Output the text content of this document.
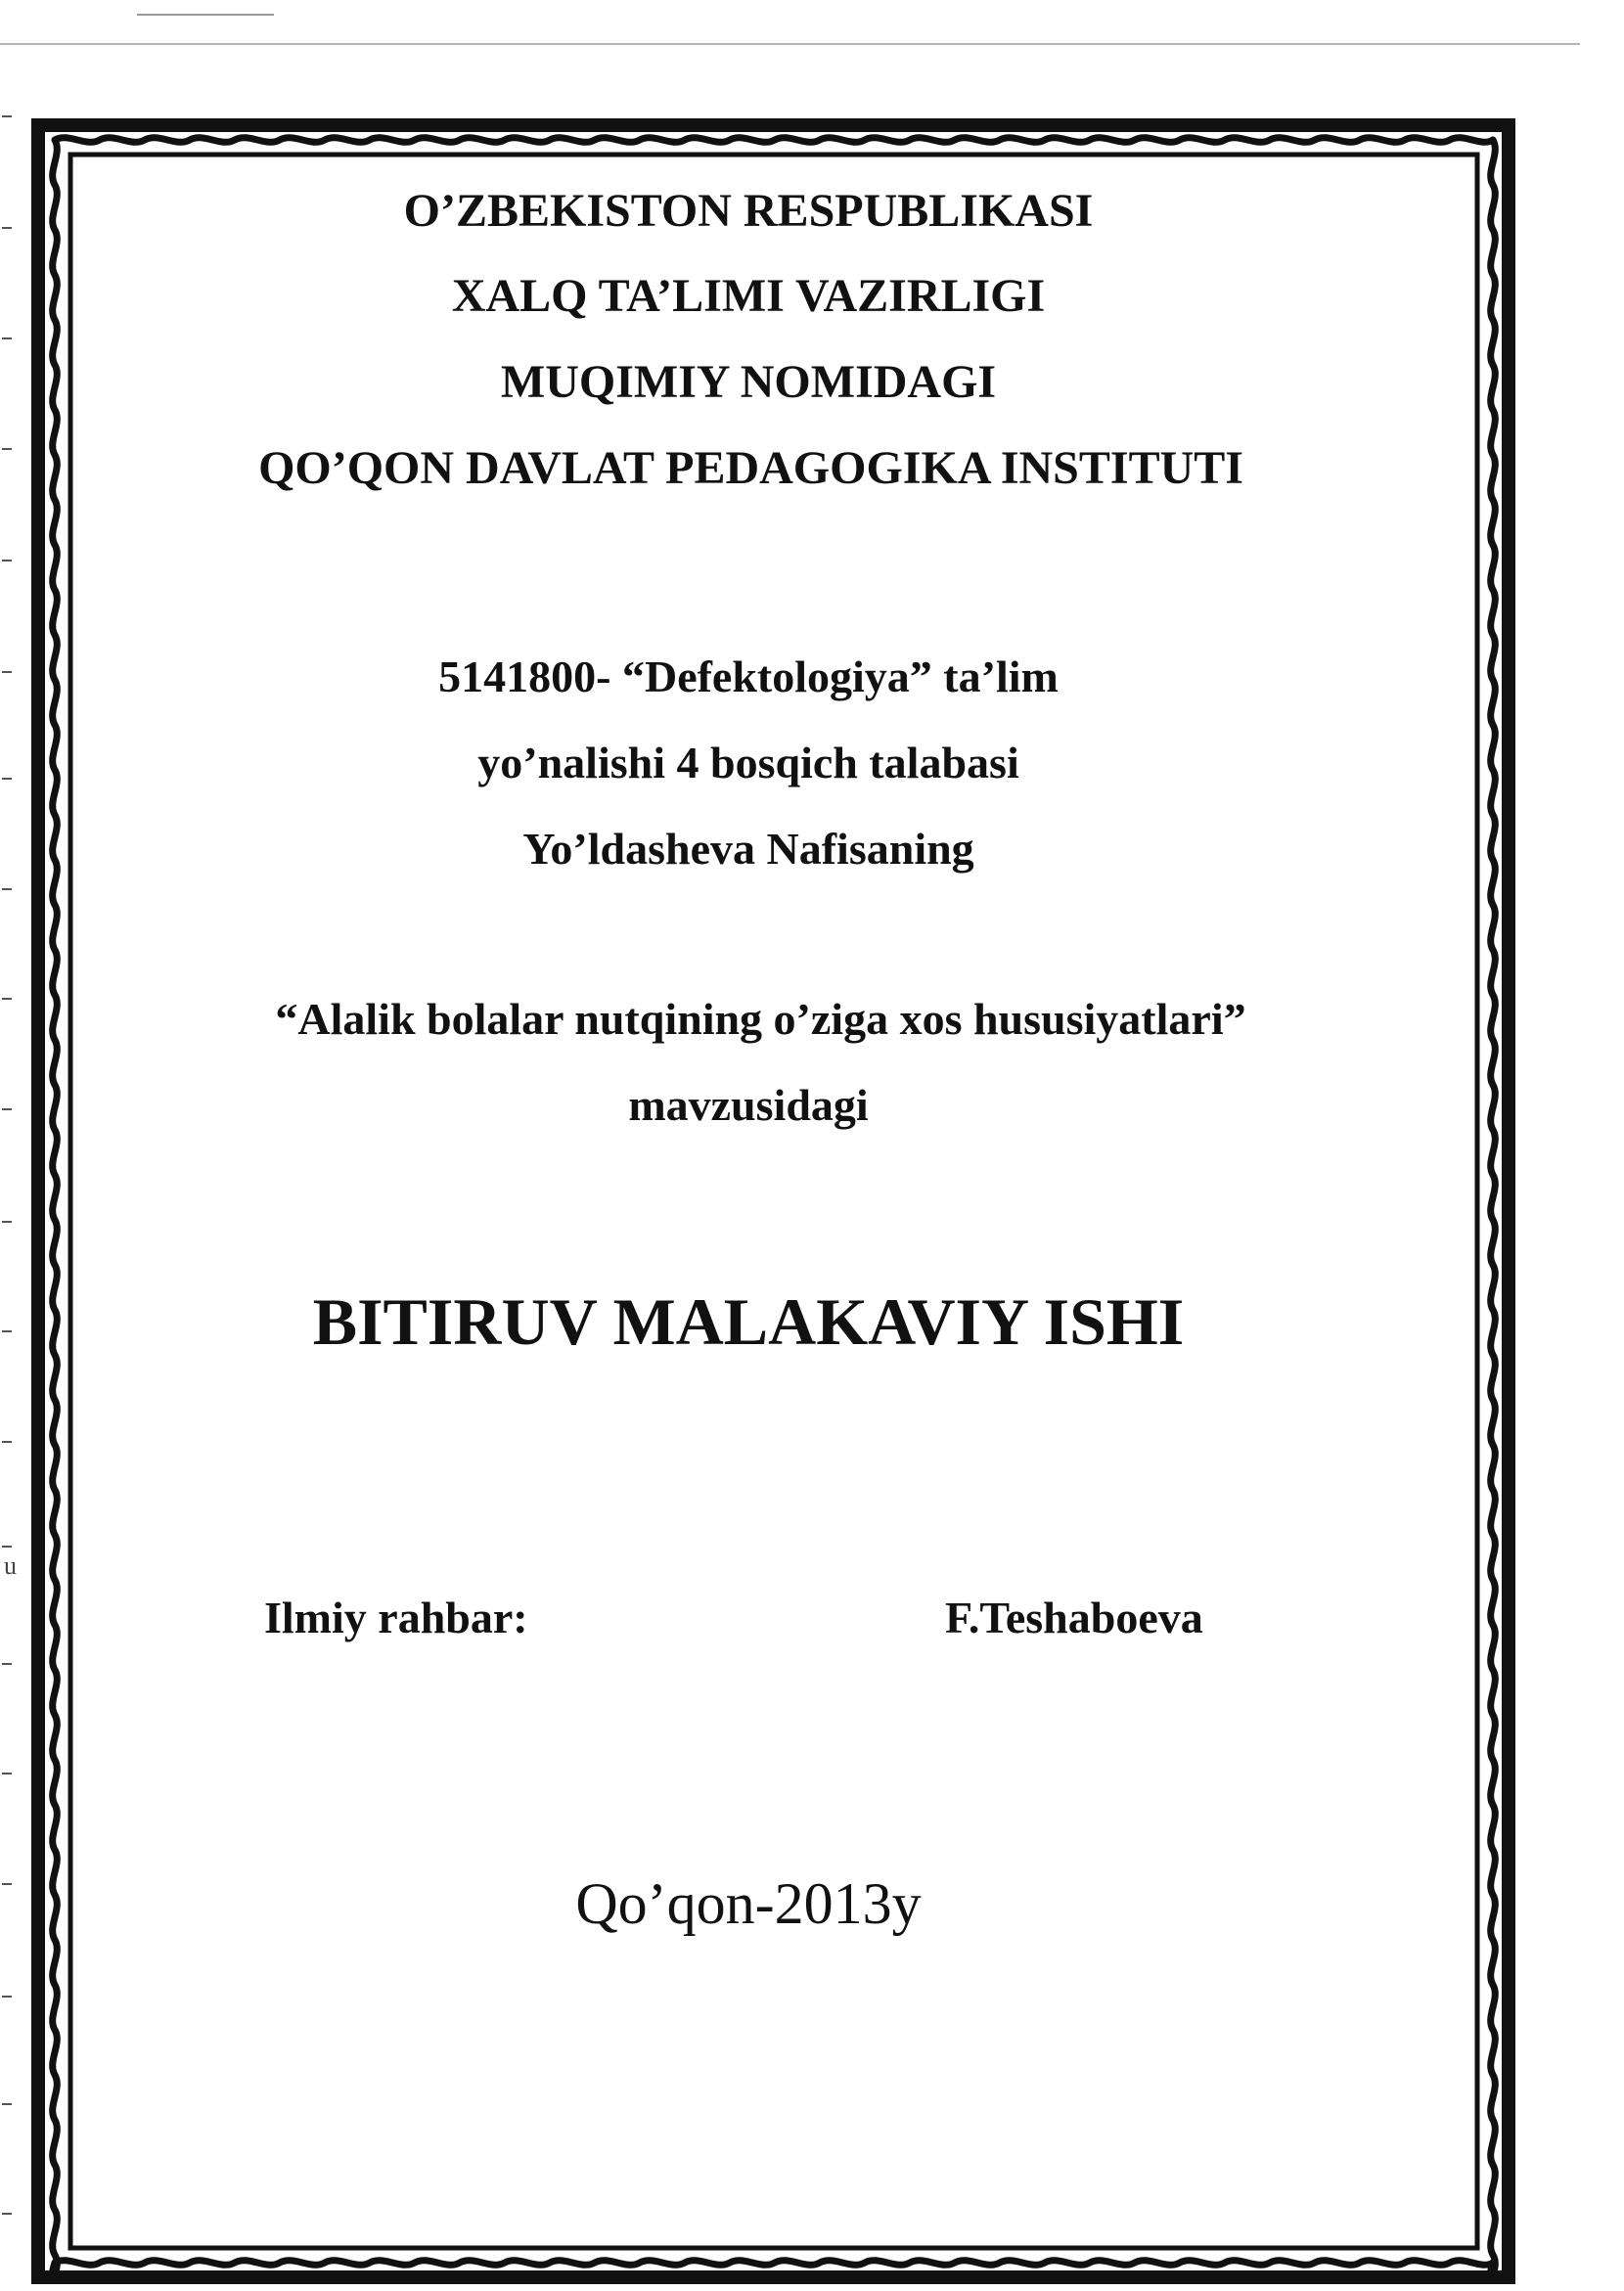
u
O’ZBEKISTON RESPUBLIKASI
XALQ TA’LIMI VAZIRLIGI
MUQIMIY NOMIDAGI
QO’QON DAVLAT PEDAGOGIKA INSTITUTI
5141800- “Defektologiya” ta’lim
yo’nalishi 4 bosqich talabasi
Yo’ldasheva Nafisaning
“Alalik bolalar nutqining o’ziga xos hususiyatlari”
mavzusidagi
BITIRUV MALAKAVIY ISHI
Ilmiy rahbar:	F.Teshaboeva
Qo’qon-2013y
